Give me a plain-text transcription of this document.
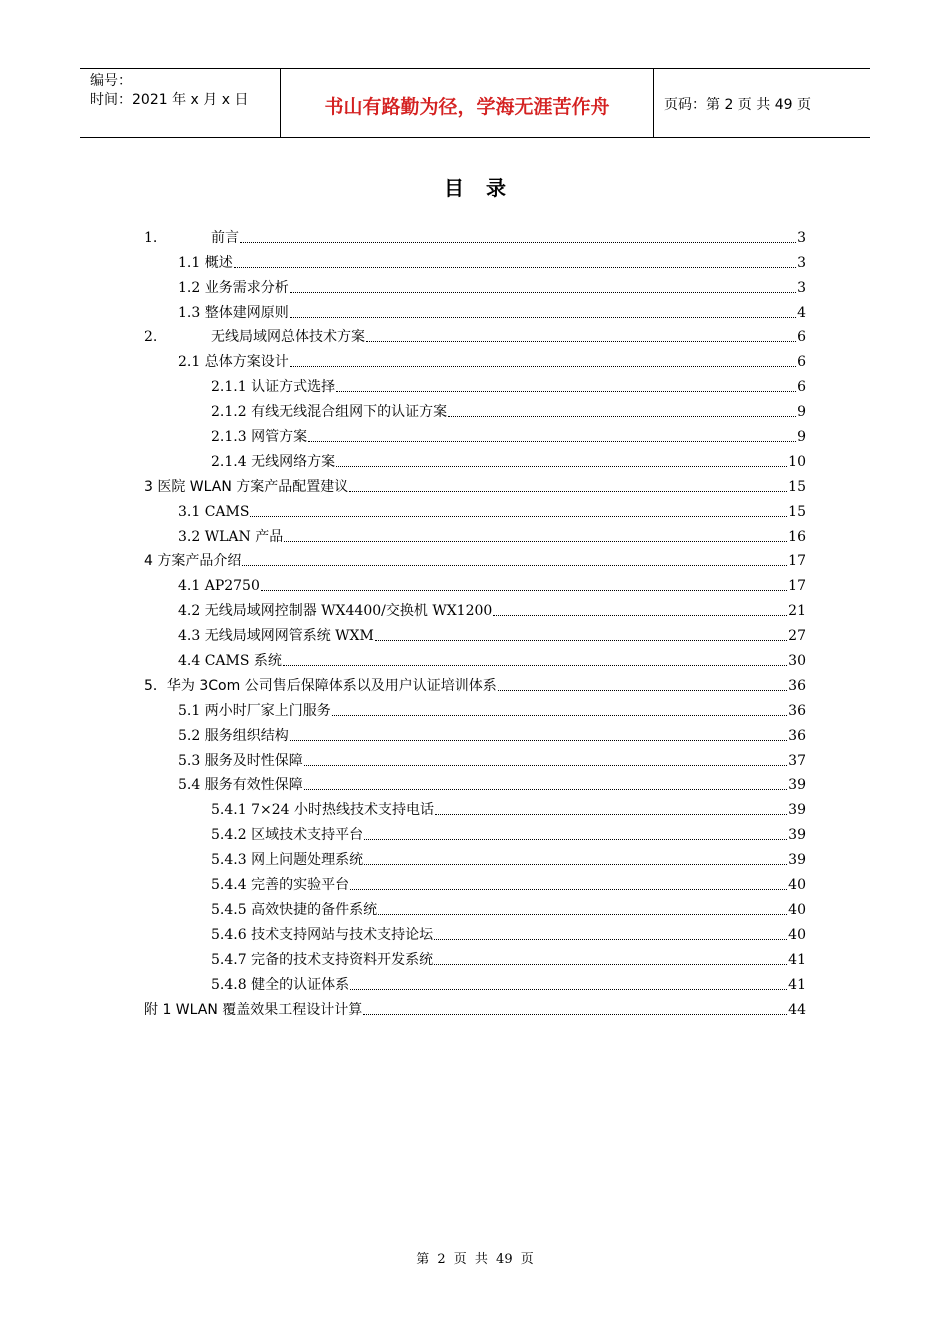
编号：
时间：2021 年 x 月 x 日	书山有路勤为径，学海无涯苦作舟	页码：第 2 页 共 49 页
目录
1.	前言	3
1.1 概述	3
1.2 业务需求分析	3
1.3 整体建网原则	4
2.	无线局域网总体技术方案	6
2.1 总体方案设计	6
2.1.1 认证方式选择	6
2.1.2 有线无线混合组网下的认证方案	9
2.1.3 网管方案	9
2.1.4 无线网络方案	10
3 医院 WLAN 方案产品配置建议	15
3.1 CAMS	15
3.2 WLAN 产品	16
4 方案产品介绍	17
4.1 AP2750	17
4.2 无线局域网控制器 WX4400/交换机 WX1200	21
4.3 无线局域网网管系统 WXM	27
4.4 CAMS 系统	30
5．华为 3Com 公司售后保障体系以及用户认证培训体系	36
5.1 两小时厂家上门服务	36
5.2 服务组织结构	36
5.3 服务及时性保障	37
5.4 服务有效性保障	39
5.4.1 7×24 小时热线技术支持电话	39
5.4.2 区域技术支持平台	39
5.4.3 网上问题处理系统	39
5.4.4 完善的实验平台	40
5.4.5 高效快捷的备件系统	40
5.4.6 技术支持网站与技术支持论坛	40
5.4.7 完备的技术支持资料开发系统	41
5.4.8 健全的认证体系	41
附 1 WLAN 覆盖效果工程设计计算	44
第 2 页 共 49 页
